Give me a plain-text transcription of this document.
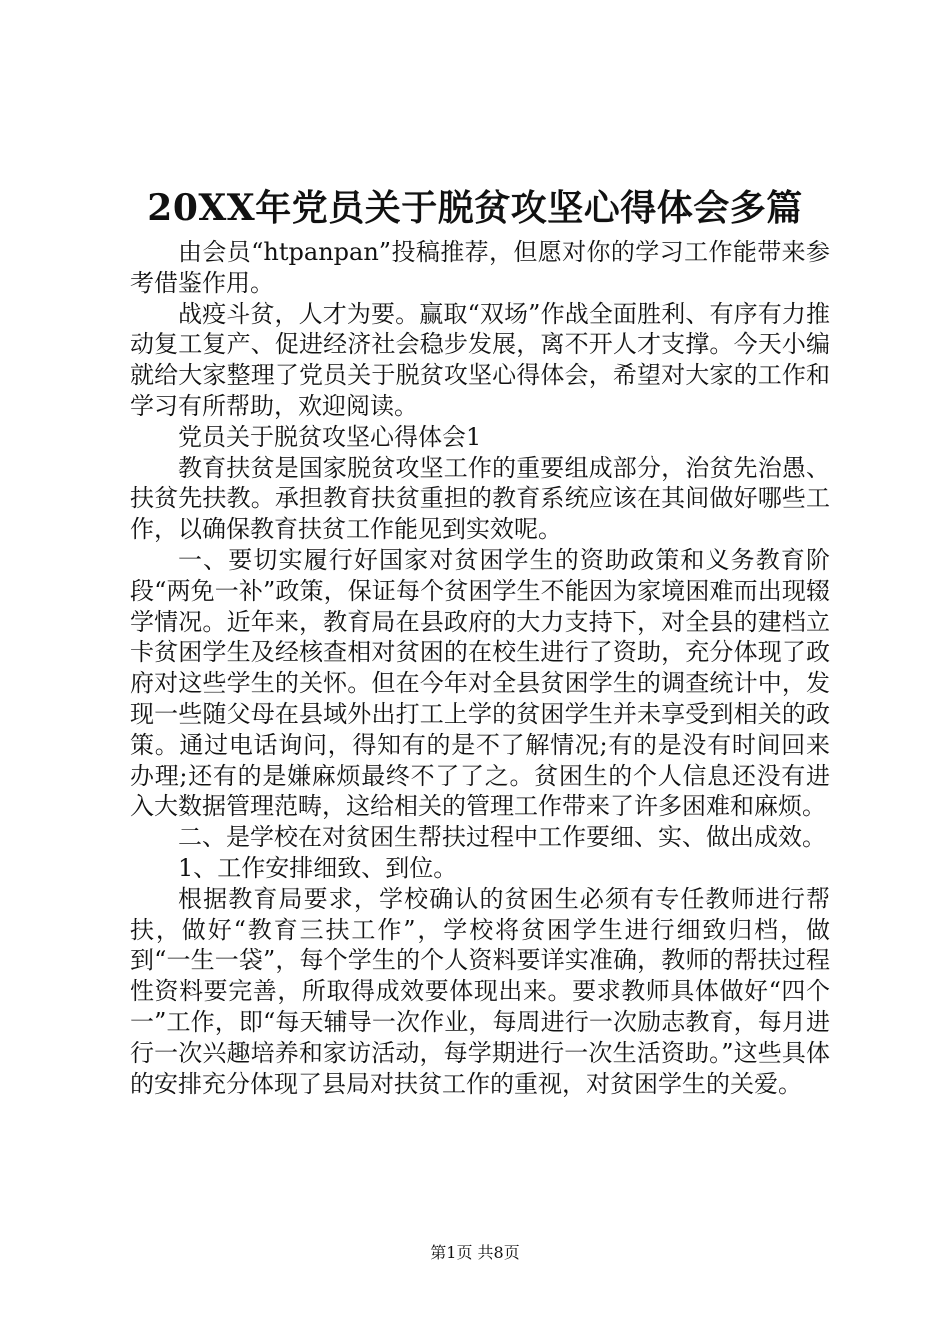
20XX年党员关于脱贫攻坚心得体会多篇

由会员“htpanpan”投稿推荐，但愿对你的学习工作能带来参考借鉴作用。

战疫斗贫，人才为要。赢取“双场”作战全面胜利、有序有力推动复工复产、促进经济社会稳步发展，离不开人才支撑。今天小编就给大家整理了党员关于脱贫攻坚心得体会，希望对大家的工作和学习有所帮助，欢迎阅读。

党员关于脱贫攻坚心得体会1

教育扶贫是国家脱贫攻坚工作的重要组成部分，治贫先治愚、扶贫先扶教。承担教育扶贫重担的教育系统应该在其间做好哪些工作，以确保教育扶贫工作能见到实效呢。

一、要切实履行好国家对贫困学生的资助政策和义务教育阶段“两免一补”政策，保证每个贫困学生不能因为家境困难而出现辍学情况。近年来，教育局在县政府的大力支持下，对全县的建档立卡贫困学生及经核查相对贫困的在校生进行了资助，充分体现了政府对这些学生的关怀。但在今年对全县贫困学生的调查统计中，发现一些随父母在县域外出打工上学的贫困学生并未享受到相关的政策。通过电话询问，得知有的是不了解情况;有的是没有时间回来办理;还有的是嫌麻烦最终不了了之。贫困生的个人信息还没有进入大数据管理范畴，这给相关的管理工作带来了许多困难和麻烦。

二、是学校在对贫困生帮扶过程中工作要细、实、做出成效。

1、工作安排细致、到位。

根据教育局要求，学校确认的贫困生必须有专任教师进行帮扶，做好“教育三扶工作”，学校将贫困学生进行细致归档，做到“一生一袋”，每个学生的个人资料要详实准确，教师的帮扶过程性资料要完善，所取得成效要体现出来。要求教师具体做好“四个一”工作，即“每天辅导一次作业，每周进行一次励志教育，每月进行一次兴趣培养和家访活动，每学期进行一次生活资助。”这些具体的安排充分体现了县局对扶贫工作的重视，对贫困学生的关爱。

第1页 共8页
